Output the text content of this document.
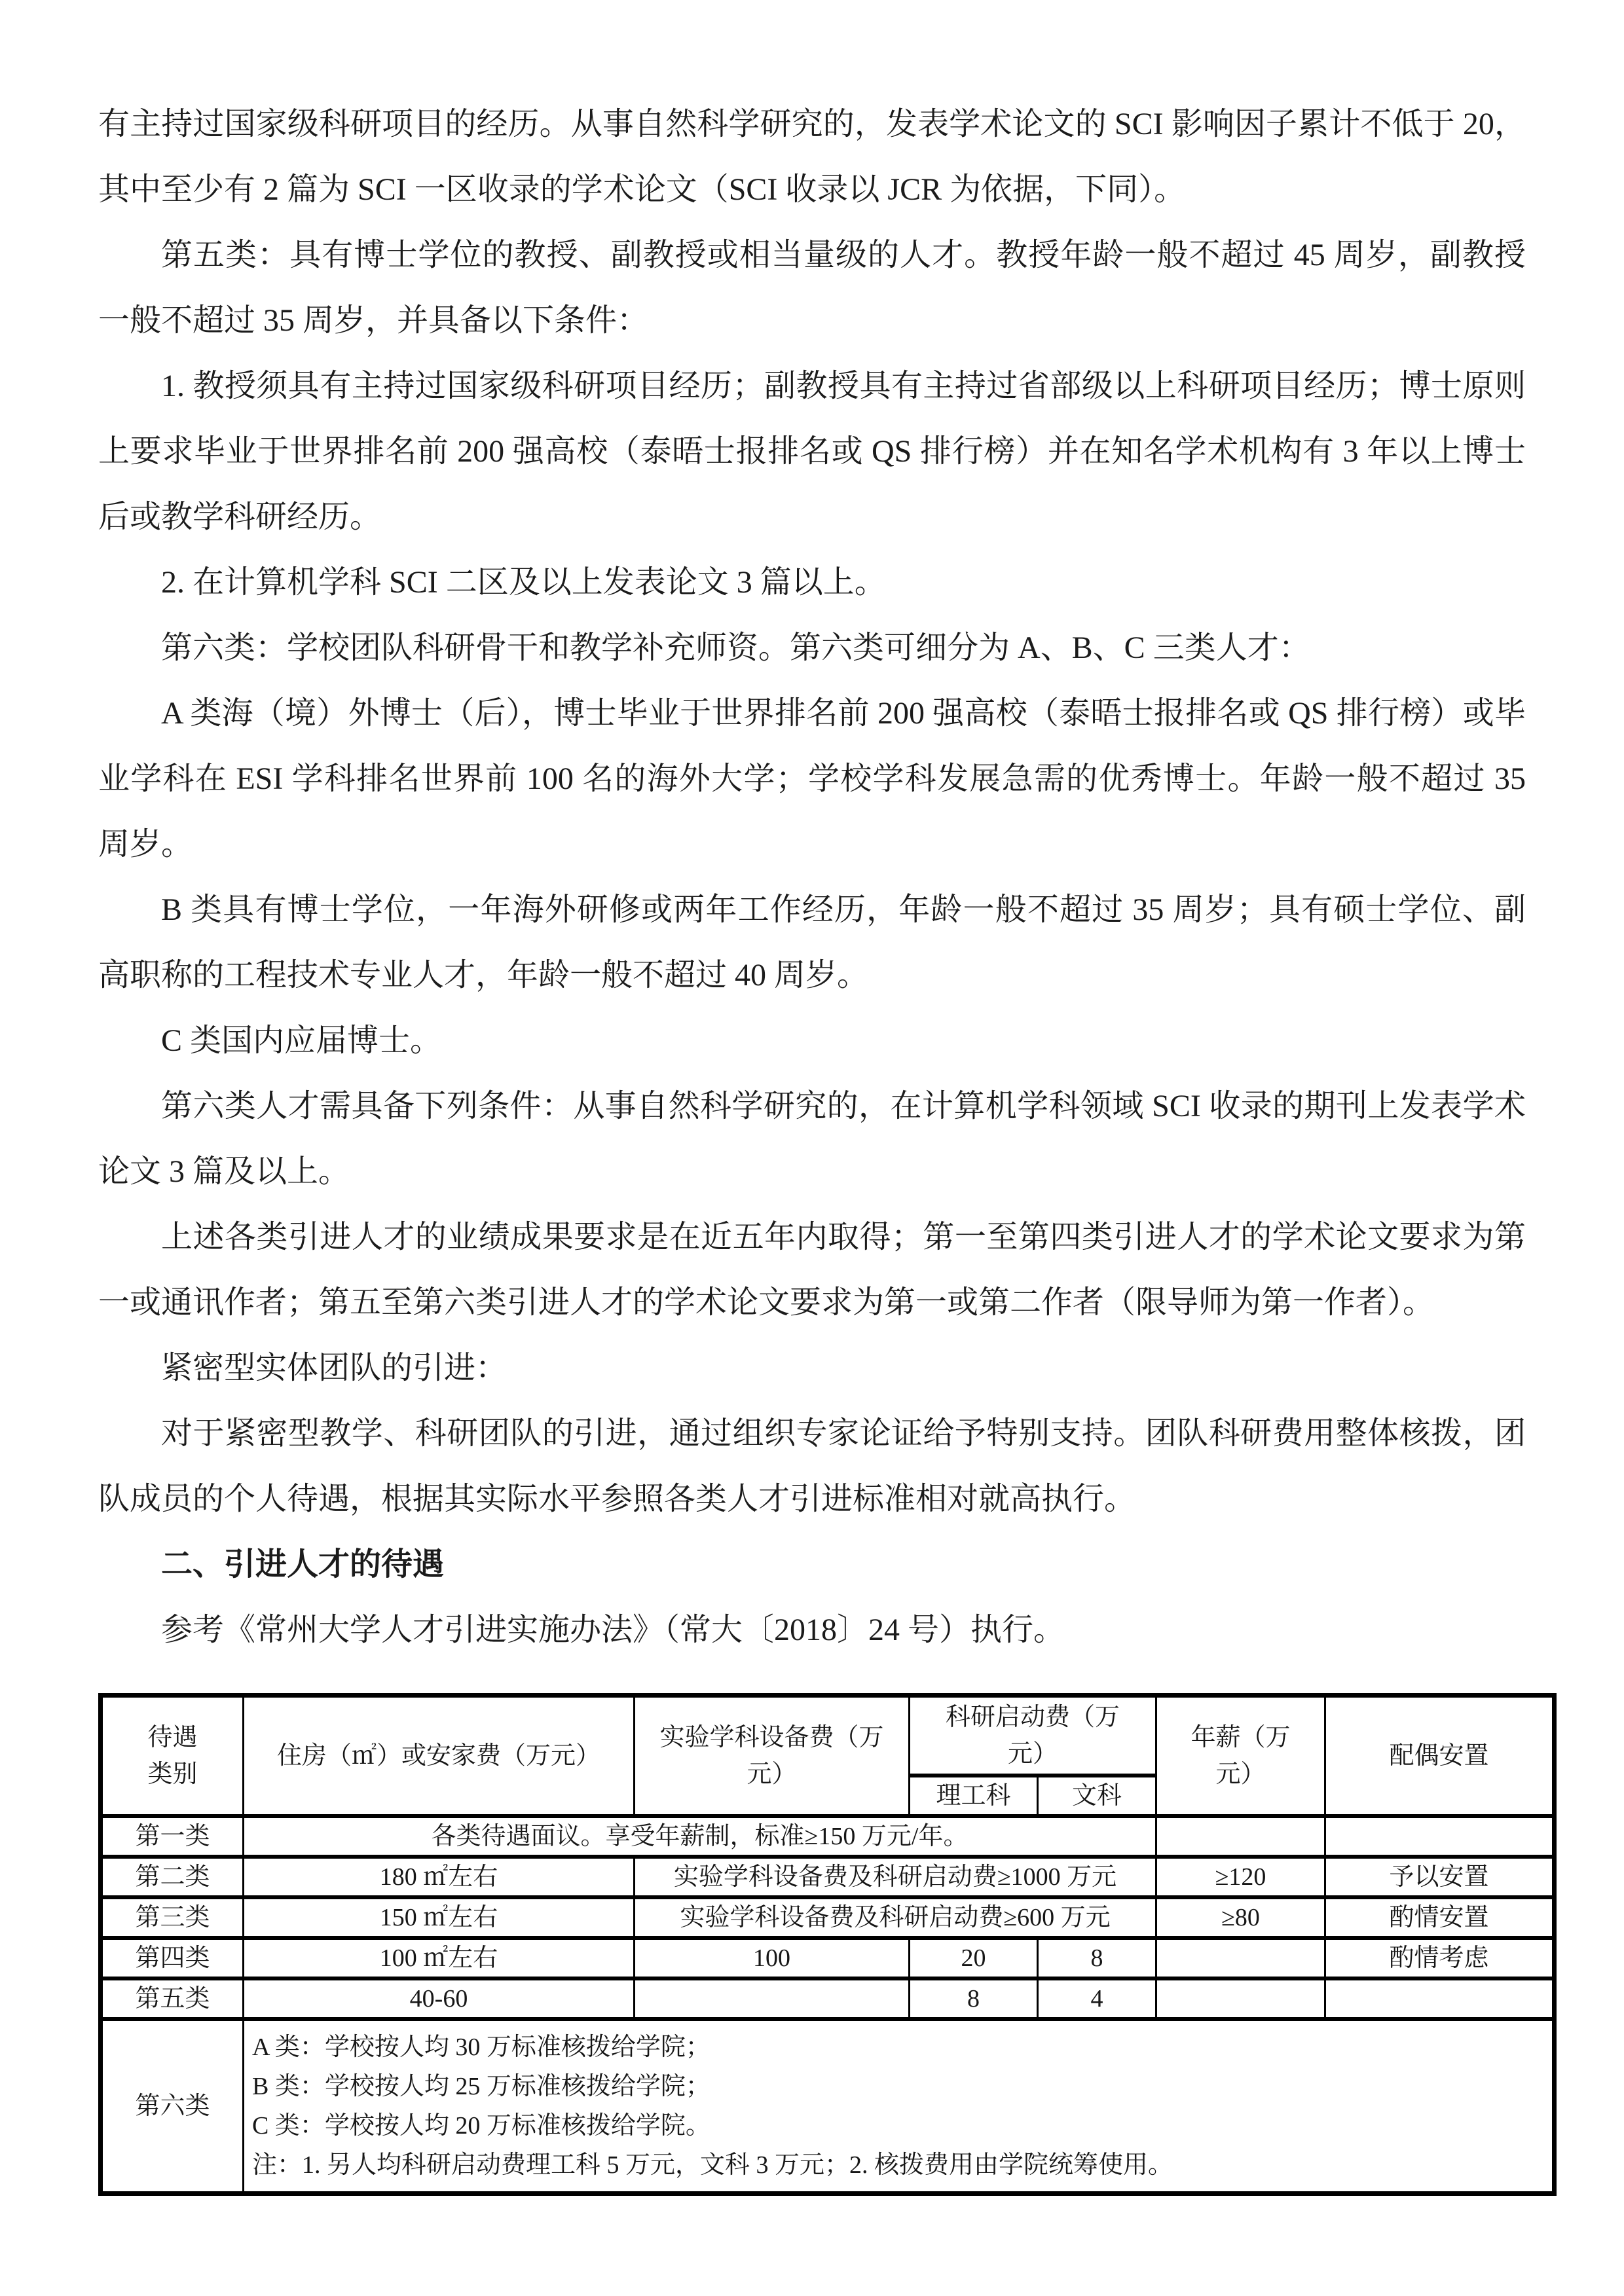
有主持过国家级科研项目的经历。从事自然科学研究的，发表学术论文的 SCI 影响因子累计不低于 20，其中至少有 2 篇为 SCI 一区收录的学术论文（SCI 收录以 JCR 为依据，下同）。

第五类：具有博士学位的教授、副教授或相当量级的人才。教授年龄一般不超过 45 周岁，副教授一般不超过 35 周岁，并具备以下条件：

1. 教授须具有主持过国家级科研项目经历；副教授具有主持过省部级以上科研项目经历；博士原则上要求毕业于世界排名前 200 强高校（泰晤士报排名或 QS 排行榜）并在知名学术机构有 3 年以上博士后或教学科研经历。

2. 在计算机学科 SCI 二区及以上发表论文 3 篇以上。

第六类：学校团队科研骨干和教学补充师资。第六类可细分为 A、B、C 三类人才：

A 类海（境）外博士（后），博士毕业于世界排名前 200 强高校（泰晤士报排名或 QS 排行榜）或毕业学科在 ESI 学科排名世界前 100 名的海外大学；学校学科发展急需的优秀博士。年龄一般不超过 35 周岁。

B 类具有博士学位，一年海外研修或两年工作经历，年龄一般不超过 35 周岁；具有硕士学位、副高职称的工程技术专业人才，年龄一般不超过 40 周岁。

C 类国内应届博士。

第六类人才需具备下列条件：从事自然科学研究的，在计算机学科领域 SCI 收录的期刊上发表学术论文 3 篇及以上。

上述各类引进人才的业绩成果要求是在近五年内取得；第一至第四类引进人才的学术论文要求为第一或通讯作者；第五至第六类引进人才的学术论文要求为第一或第二作者（限导师为第一作者）。

紧密型实体团队的引进：

对于紧密型教学、科研团队的引进，通过组织专家论证给予特别支持。团队科研费用整体核拨，团队成员的个人待遇，根据其实际水平参照各类人才引进标准相对就高执行。

二、引进人才的待遇

参考《常州大学人才引进实施办法》（常大〔2018〕24 号）执行。

待遇类别	住房（㎡）或安家费（万元）	实验学科设备费（万元）	科研启动费（万元）		年薪（万元）	配偶安置
			理工科	文科		
第一类	各类待遇面议。享受年薪制，标准≥150 万元/年。					
第二类	180 ㎡左右	实验学科设备费及科研启动费≥1000 万元			≥120	予以安置
第三类	150 ㎡左右	实验学科设备费及科研启动费≥600 万元			≥80	酌情安置
第四类	100 ㎡左右	100	20	8		酌情考虑
第五类	40-60		8	4		
第六类	A 类：学校按人均 30 万标准核拨给学院；
B 类：学校按人均 25 万标准核拨给学院；
C 类：学校按人均 20 万标准核拨给学院。
注：1. 另人均科研启动费理工科 5 万元，文科 3 万元；2. 核拨费用由学院统筹使用。					
